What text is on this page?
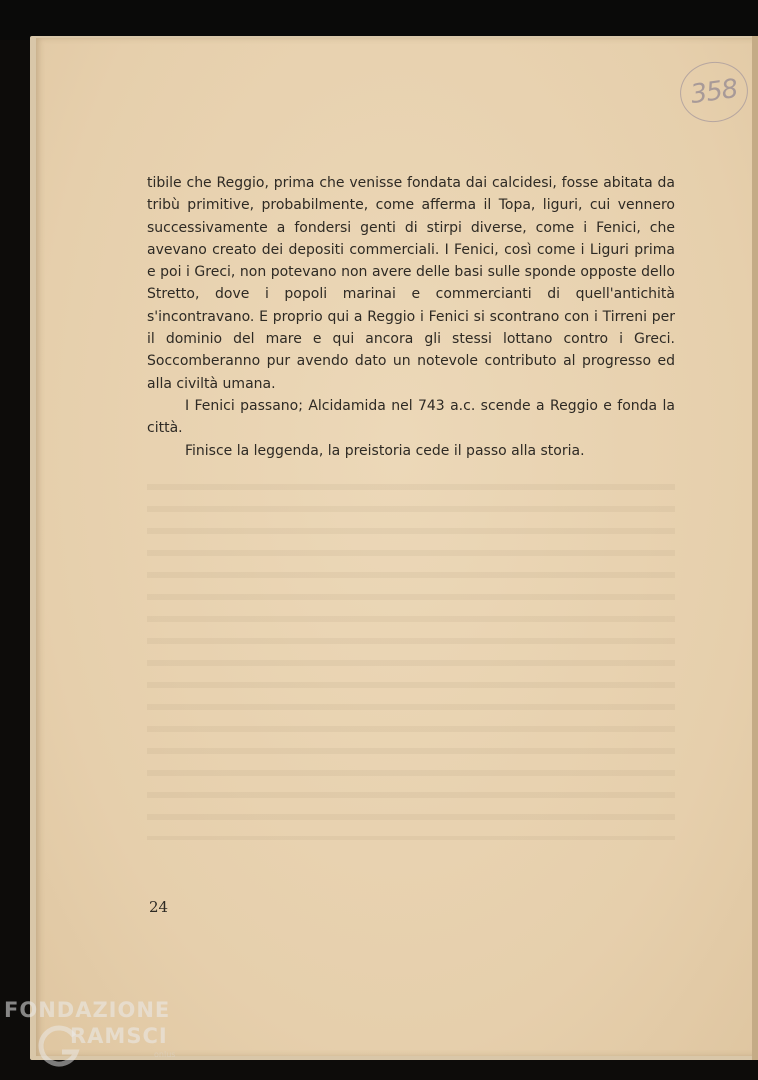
358

tibile che Reggio, prima che venisse fondata dai calcidesi, fosse abitata da tribù primitive, probabilmente, come afferma il Topa, liguri, cui vennero successivamente a fondersi genti di stirpi diverse, come i Fenici, che avevano creato dei depositi commerciali. I Fenici, così come i Liguri prima e poi i Greci, non potevano non avere delle basi sulle sponde opposte dello Stretto, dove i popoli marinai e commercianti di quell'antichità s'incontravano. E proprio qui a Reggio i Fenici si scontrano con i Tirreni per il dominio del mare e qui ancora gli stessi lottano contro i Greci. Soccomberanno pur avendo dato un notevole contributo al progresso ed alla civiltà umana.

I Fenici passano; Alcidamida nel 743 a.c. scende a Reggio e fonda la città.

Finisce la leggenda, la preistoria cede il passo alla storia.

24
FONDAZIONE
RAMSCI
onlus
